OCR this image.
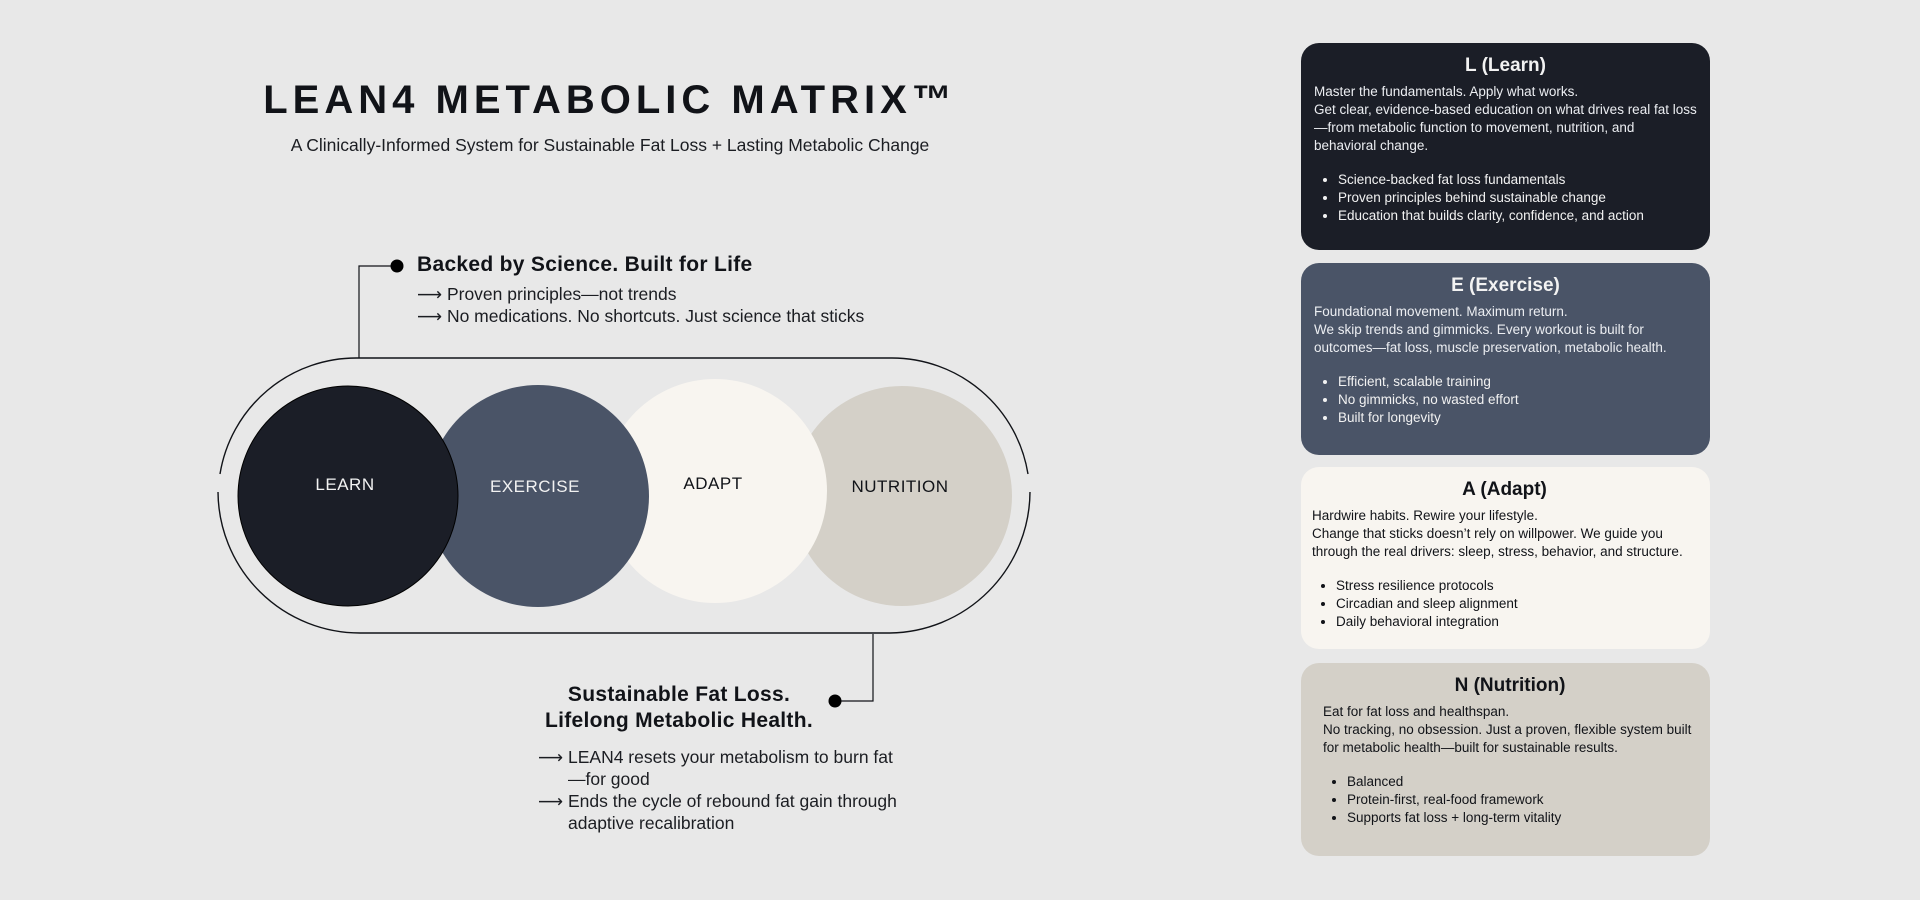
LEAN4 METABOLIC MATRIX™

A Clinically-Informed System for Sustainable Fat Loss + Lasting Metabolic Change

LEARN	EXERCISE	ADAPT	NUTRITION
Backed by Science. Built for Life
⟶ Proven principles—not trends
⟶ No medications. No shortcuts. Just science that sticks
Sustainable Fat Loss.
Lifelong Metabolic Health.
⟶ LEAN4 resets your metabolism to burn fat—for good
⟶ Ends the cycle of rebound fat gain through adaptive recalibration
L (Learn)

Master the fundamentals. Apply what works.

Get clear, evidence-based education on what drives real fat loss—from metabolic function to movement, nutrition, and behavioral change.

• Science-backed fat loss fundamentals
• Proven principles behind sustainable change
• Education that builds clarity, confidence, and action
E (Exercise)

Foundational movement. Maximum return.

We skip trends and gimmicks. Every workout is built for outcomes—fat loss, muscle preservation, metabolic health.

• Efficient, scalable training
• No gimmicks, no wasted effort
• Built for longevity
A (Adapt)

Hardwire habits. Rewire your lifestyle.

Change that sticks doesn’t rely on willpower. We guide you through the real drivers: sleep, stress, behavior, and structure.

• Stress resilience protocols
• Circadian and sleep alignment
• Daily behavioral integration
N (Nutrition)

Eat for fat loss and healthspan.

No tracking, no obsession. Just a proven, flexible system built for metabolic health—built for sustainable results.

• Balanced
• Protein-first, real-food framework
• Supports fat loss + long-term vitality
